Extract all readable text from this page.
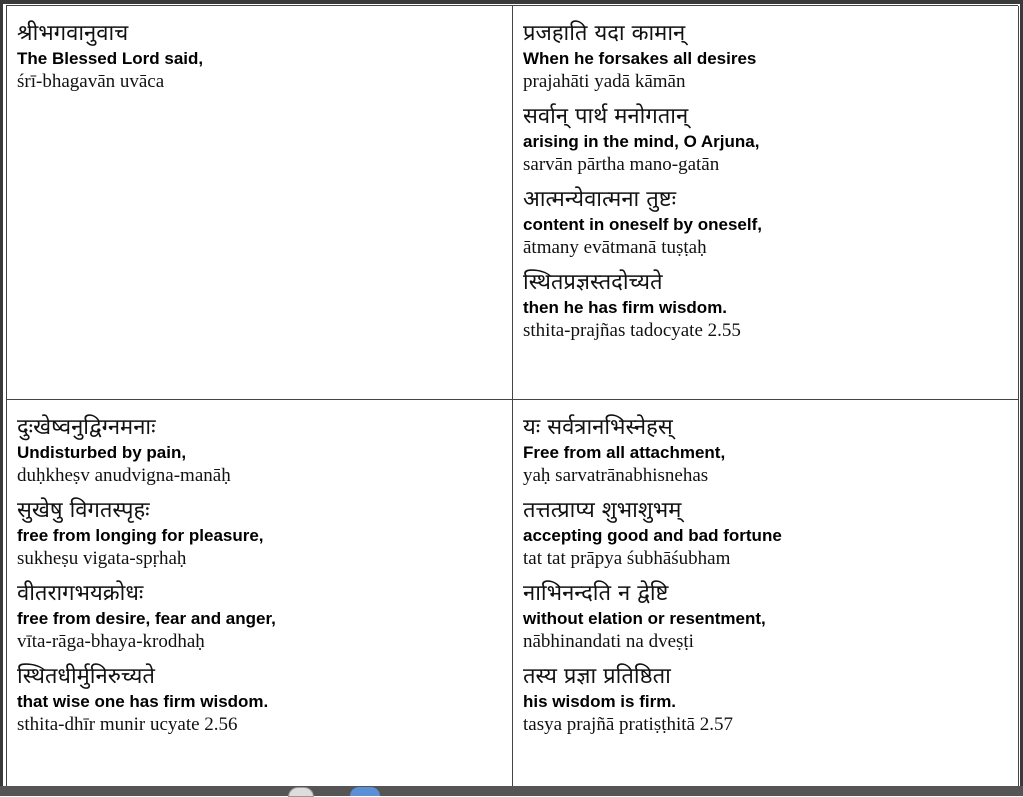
श्रीभगवानुवाच
The Blessed Lord said,
śrī-bhagavān uvāca
प्रजहाति यदा कामान्
When he forsakes all desires
prajahāti yadā kāmān
सर्वान् पार्थ मनोगतान्
arising in the mind, O Arjuna,
sarvān pārtha mano-gatān
आत्मन्येवात्मना तुष्टः
content in oneself by oneself,
ātmany evātmanā tuṣṭaḥ
स्थितप्रज्ञस्तदोच्यते
then he has firm wisdom.
sthita-prajñas tadocyate 2.55
दुःखेष्वनुद्विग्नमनाः
Undisturbed by pain,
duḥkheṣv anudvigna-manāḥ
सुखेषु विगतस्पृहः
free from longing for pleasure,
sukheṣu vigata-spṛhaḥ
वीतरागभयक्रोधः
free from desire, fear and anger,
vīta-rāga-bhaya-krodhaḥ
स्थितधीर्मुनिरुच्यते
that wise one has firm wisdom.
sthita-dhīr munir ucyate 2.56
यः सर्वत्रानभिस्नेहस्
Free from all attachment,
yaḥ sarvatrānabhisnehas
तत्तत्प्राप्य शुभाशुभम्
accepting good and bad fortune
tat tat prāpya śubhāśubham
नाभिनन्दति न द्वेष्टि
without elation or resentment,
nābhinandati na dveṣṭi
तस्य प्रज्ञा प्रतिष्ठिता
his wisdom is firm.
tasya prajñā pratiṣṭhitā 2.57
